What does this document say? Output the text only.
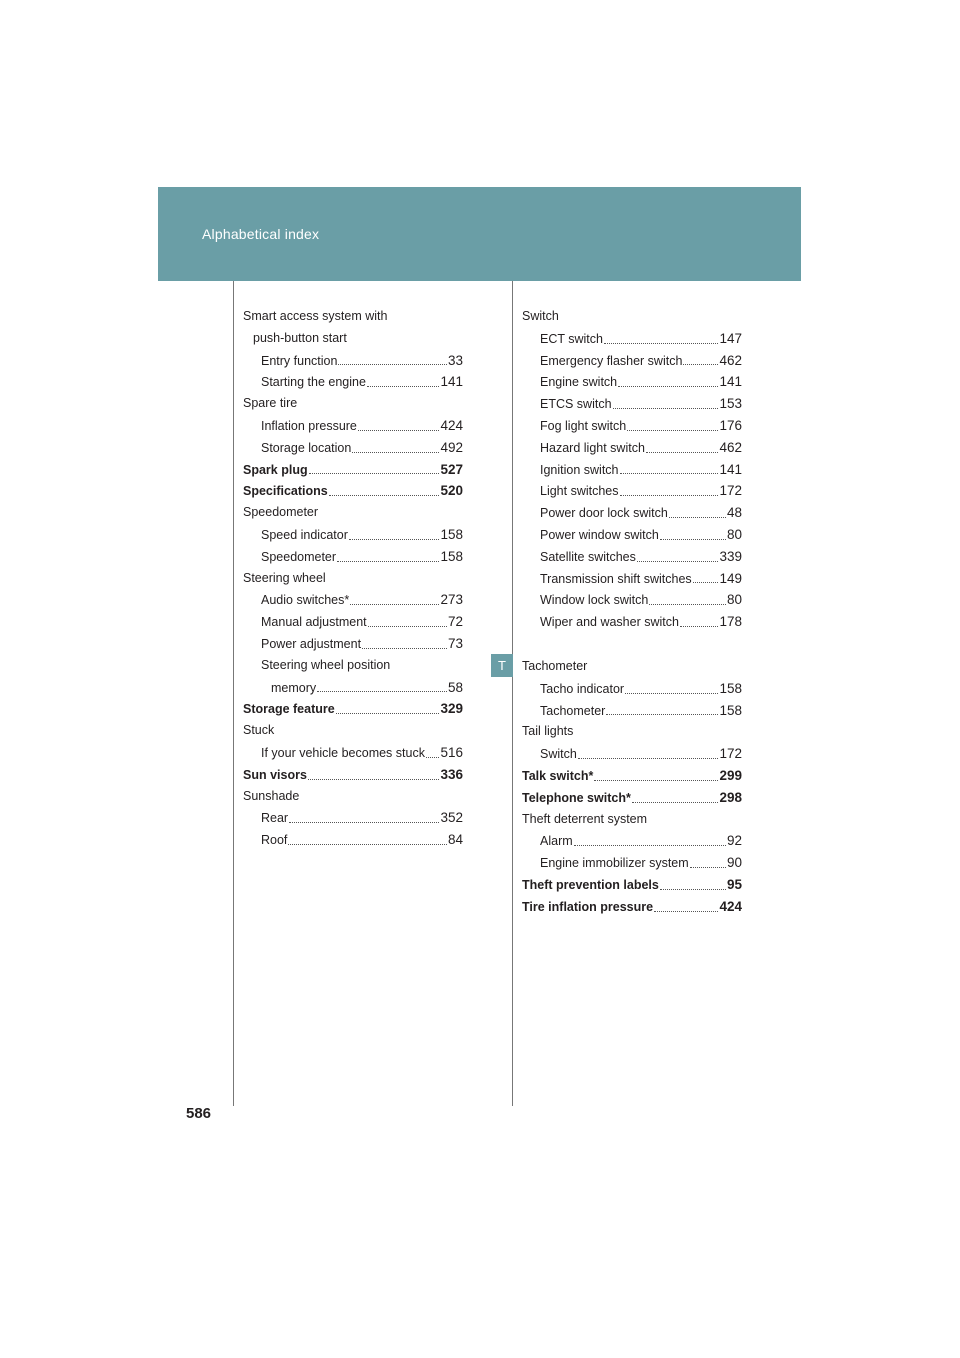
Alphabetical index
Smart access system with
push-button start
Entry function	33
Starting the engine	141
Spare tire
Inflation pressure	424
Storage location	492
Spark plug	527
Specifications	520
Speedometer
Speed indicator	158
Speedometer	158
Steering wheel
Audio switches*	273
Manual adjustment	72
Power adjustment	73
Steering wheel position
memory	58
Storage feature	329
Stuck
If your vehicle becomes stuck 516
Sun visors	336
Sunshade
Rear	352
Roof	84
Switch
ECT switch	147
Emergency flasher switch	462
Engine switch	141
ETCS switch	153
Fog light switch	176
Hazard light switch	462
Ignition switch	141
Light switches	172
Power door lock switch	48
Power window switch	80
Satellite switches	339
Transmission shift switches 149
Window lock switch	80
Wiper and washer switch	178
Tachometer
Tacho indicator	158
Tachometer	158
Tail lights
Switch	172
Talk switch*	299
Telephone switch*	298
Theft deterrent system
Alarm	92
Engine immobilizer system	90
Theft prevention labels	95
Tire inflation pressure	424
T
586
